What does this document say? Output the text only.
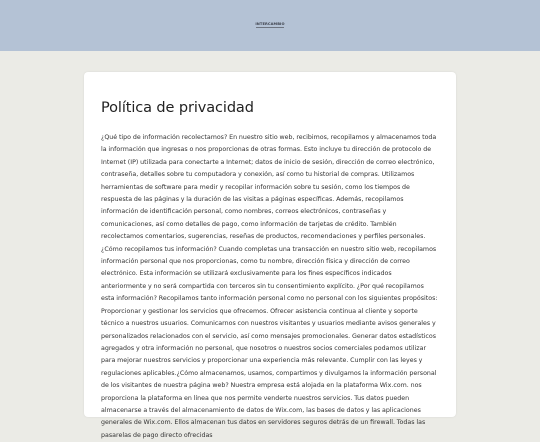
INTERCAMBIO
Política de privacidad

¿Qué tipo de información recolectamos? En nuestro sitio web, recibimos, recopilamos y almacenamos toda la información que ingresas o nos proporcionas de otras formas. Esto incluye tu dirección de protocolo de Internet (IP) utilizada para conectarte a Internet; datos de inicio de sesión, dirección de correo electrónico, contraseña, detalles sobre tu computadora y conexión, así como tu historial de compras. Utilizamos herramientas de software para medir y recopilar información sobre tu sesión, como los tiempos de respuesta de las páginas y la duración de las visitas a páginas específicas. Además, recopilamos información de identificación personal, como nombres, correos electrónicos, contraseñas y comunicaciones, así como detalles de pago, como información de tarjetas de crédito. También recolectamos comentarios, sugerencias, reseñas de productos, recomendaciones y perfiles personales. ¿Cómo recopilamos tus información? Cuando completas una transacción en nuestro sitio web, recopilamos información personal que nos proporcionas, como tu nombre, dirección física y dirección de correo electrónico. Esta información se utilizará exclusivamente para los fines específicos indicados anteriormente y no será compartida con terceros sin tu consentimiento explícito. ¿Por qué recopilamos esta información? Recopilamos tanto información personal como no personal con los siguientes propósitos: Proporcionar y gestionar los servicios que ofrecemos. Ofrecer asistencia continua al cliente y soporte técnico a nuestros usuarios. Comunicarnos con nuestros visitantes y usuarios mediante avisos generales y personalizados relacionados con el servicio, así como mensajes promocionales. Generar datos estadísticos agregados y otra información no personal, que nosotros o nuestros socios comerciales podamos utilizar para mejorar nuestros servicios y proporcionar una experiencia más relevante. Cumplir con las leyes y regulaciones aplicables.¿Cómo almacenamos, usamos, compartimos y divulgamos la información personal de los visitantes de nuestra página web? Nuestra empresa está alojada en la plataforma Wix.com. nos proporciona la plataforma en línea que nos permite venderte nuestros servicios. Tus datos pueden almacenarse a través del almacenamiento de datos de Wix.com, las bases de datos y las aplicaciones generales de Wix.com. Ellos almacenan tus datos en servidores seguros detrás de un firewall. Todas las pasarelas de pago directo ofrecidas
